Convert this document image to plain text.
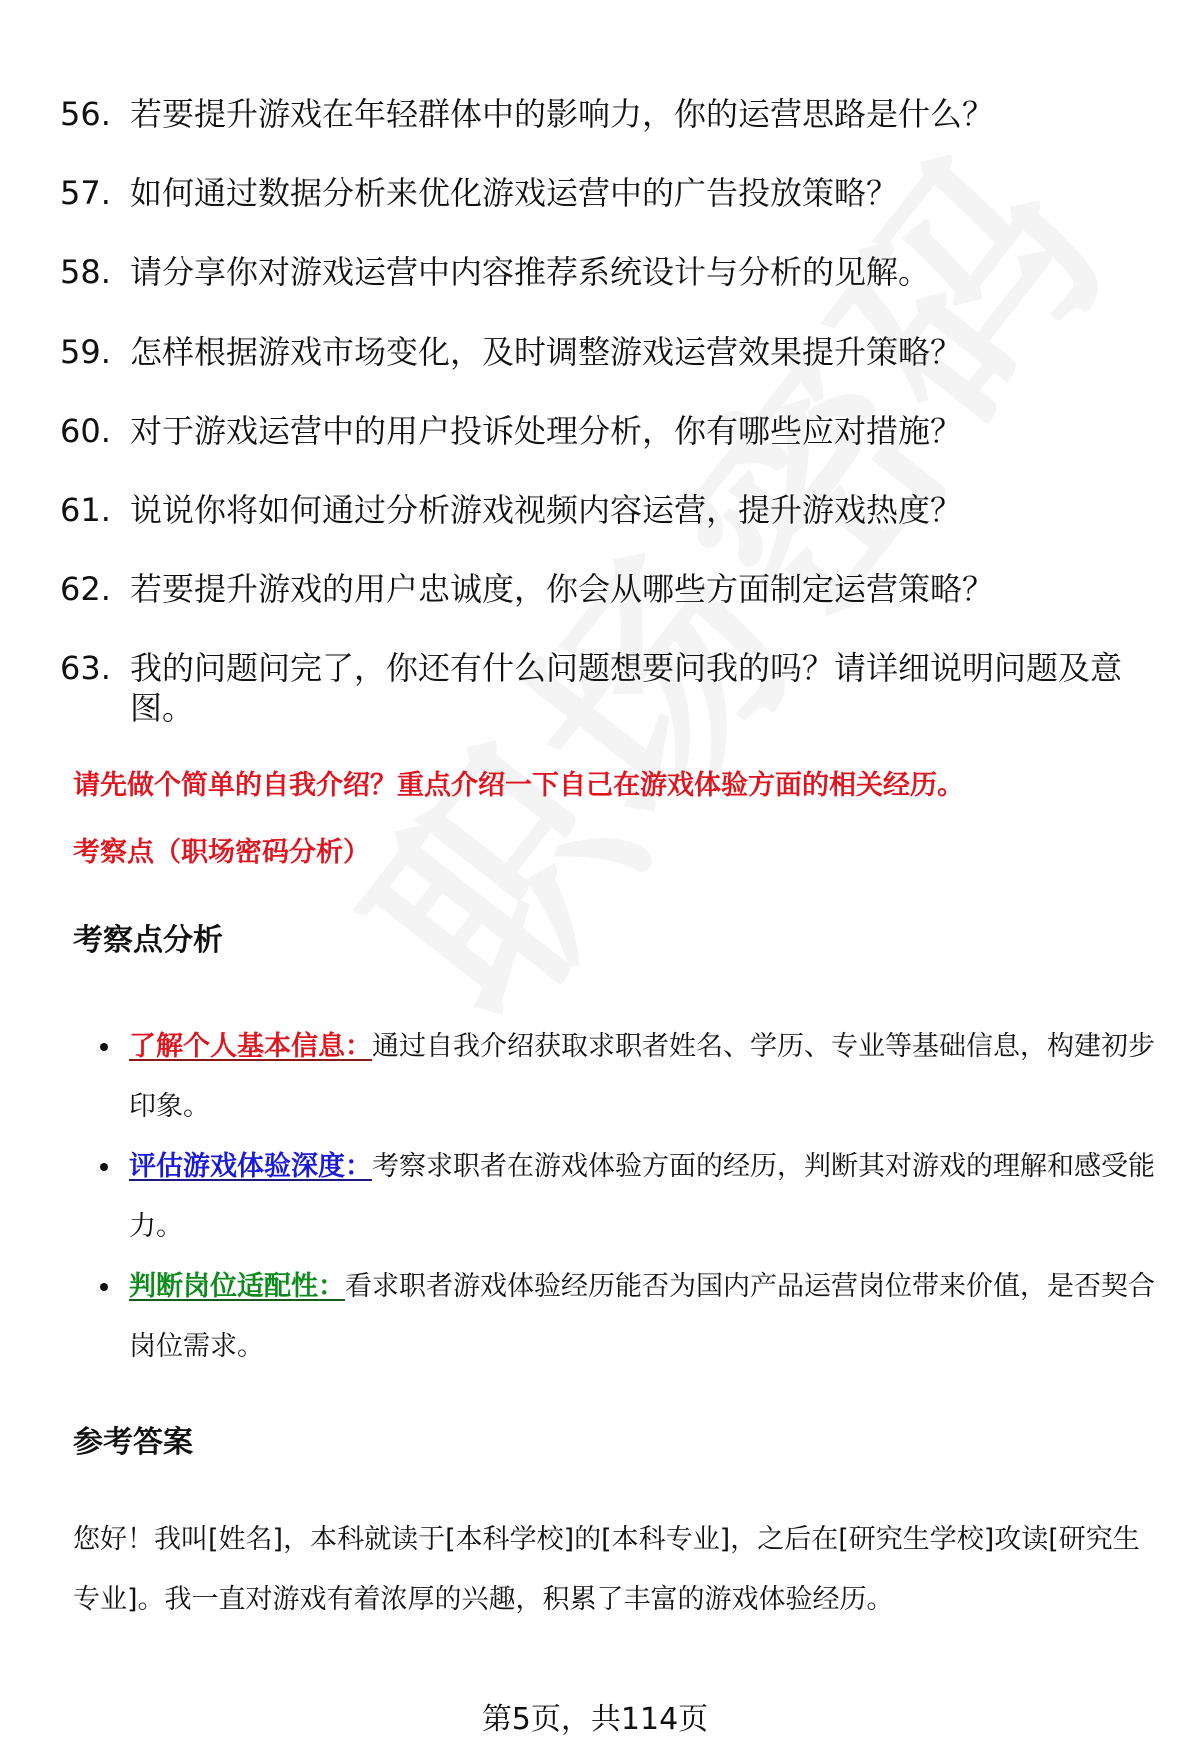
56. 若要提升游戏在年轻群体中的影响力，你的运营思路是什么？
57. 如何通过数据分析来优化游戏运营中的广告投放策略？
58. 请分享你对游戏运营中内容推荐系统设计与分析的见解。
59. 怎样根据游戏市场变化，及时调整游戏运营效果提升策略？
60. 对于游戏运营中的用户投诉处理分析，你有哪些应对措施？
61. 说说你将如何通过分析游戏视频内容运营，提升游戏热度？
62. 若要提升游戏的用户忠诚度，你会从哪些方面制定运营策略？
63. 我的问题问完了，你还有什么问题想要问我的吗？请详细说明问题及意图。
请先做个简单的自我介绍？重点介绍一下自己在游戏体验方面的相关经历。
考察点（职场密码分析）
考察点分析
了解个人基本信息：通过自我介绍获取求职者姓名、学历、专业等基础信息，构建初步印象。
评估游戏体验深度：考察求职者在游戏体验方面的经历，判断其对游戏的理解和感受能力。
判断岗位适配性：看求职者游戏体验经历能否为国内产品运营岗位带来价值，是否契合岗位需求。
参考答案
您好！我叫[姓名]，本科就读于[本科学校]的[本科专业]，之后在[研究生学校]攻读[研究生专业]。我一直对游戏有着浓厚的兴趣，积累了丰富的游戏体验经历。
第5页，共114页
